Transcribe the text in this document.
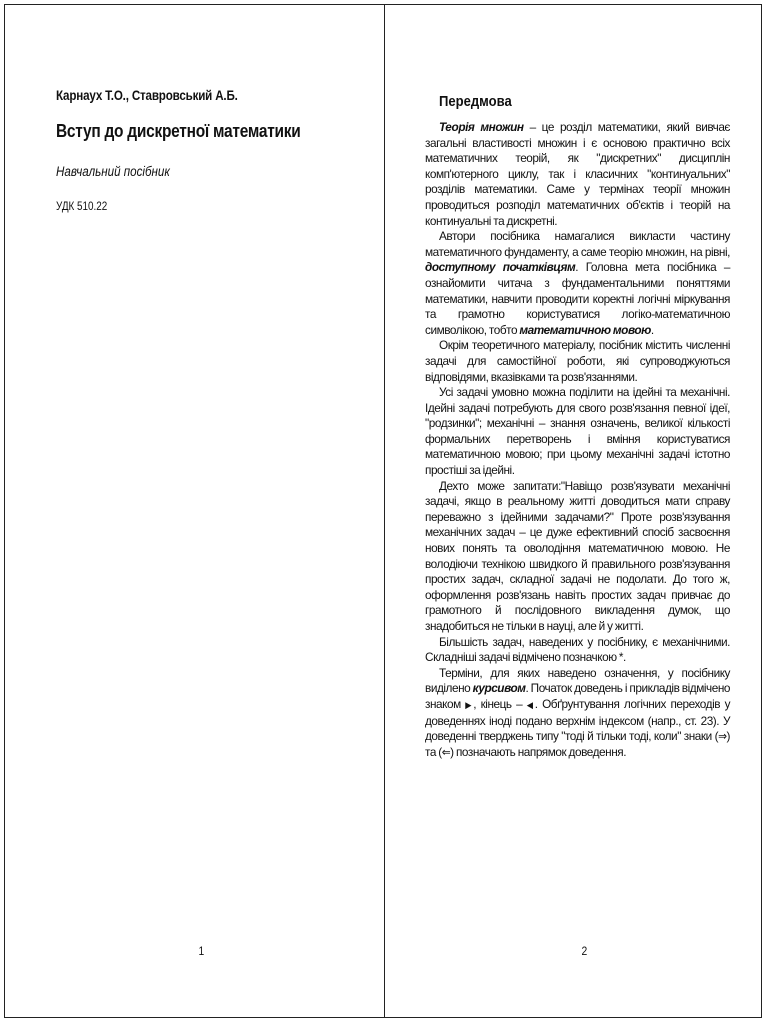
Карнаух Т.О., Ставровський А.Б.
Вступ до дискретної математики
Навчальний посібник
УДК 510.22
1
Передмова

Теорія множин – це розділ математики, який вивчає загальні властивості множин і є основою практично всіх математичних теорій, як "дискретних" дисциплін комп'ютерного циклу, так і класичних "континуальних" розділів математики. Саме у термінах теорії множин проводиться розподіл математичних об'єктів і теорій на континуальні та дискретні.

Автори посібника намагалися викласти частину математичного фундаменту, а саме теорію множин, на рівні, доступному початківцям. Головна мета посібника – ознайомити читача з фундаментальними поняттями математики, навчити проводити коректні логічні міркування та грамотно користуватися логіко-математичною символікою, тобто математичною мовою.

Окрім теоретичного матеріалу, посібник містить численні задачі для самостійної роботи, які супроводжуються відповідями, вказівками та розв'язаннями.

Усі задачі умовно можна поділити на ідейні та механічні. Ідейні задачі потребують для свого розв'язання певної ідеї, "родзинки"; механічні – знання означень, великої кількості формальних перетворень і вміння користуватися математичною мовою; при цьому механічні задачі істотно простіші за ідейні.

Дехто може запитати:"Навіщо розв'язувати механічні задачі, якщо в реальному житті доводиться мати справу переважно з ідейними задачами?" Проте розв'язування механічних задач – це дуже ефективний спосіб засвоєння нових понять та оволодіння математичною мовою. Не володіючи технікою швидкого й правильного розв'язування простих задач, складної задачі не подолати. До того ж, оформлення розв'язань навіть простих задач привчає до грамотного й послідовного викладення думок, що знадобиться не тільки в науці, але й у житті.

Більшість задач, наведених у посібнику, є механічними. Складніші задачі відмічено позначкою *.

Терміни, для яких наведено означення, у посібнику виділено курсивом. Початок доведень і прикладів відмічено знаком ▶, кінець – ◀. Обґрунтування логічних переходів у доведеннях іноді подано верхнім індексом (напр., ст. 23). У доведенні тверджень типу "тоді й тільки тоді, коли" знаки (⇒) та (⇐) позначають напрямок доведення.

2
